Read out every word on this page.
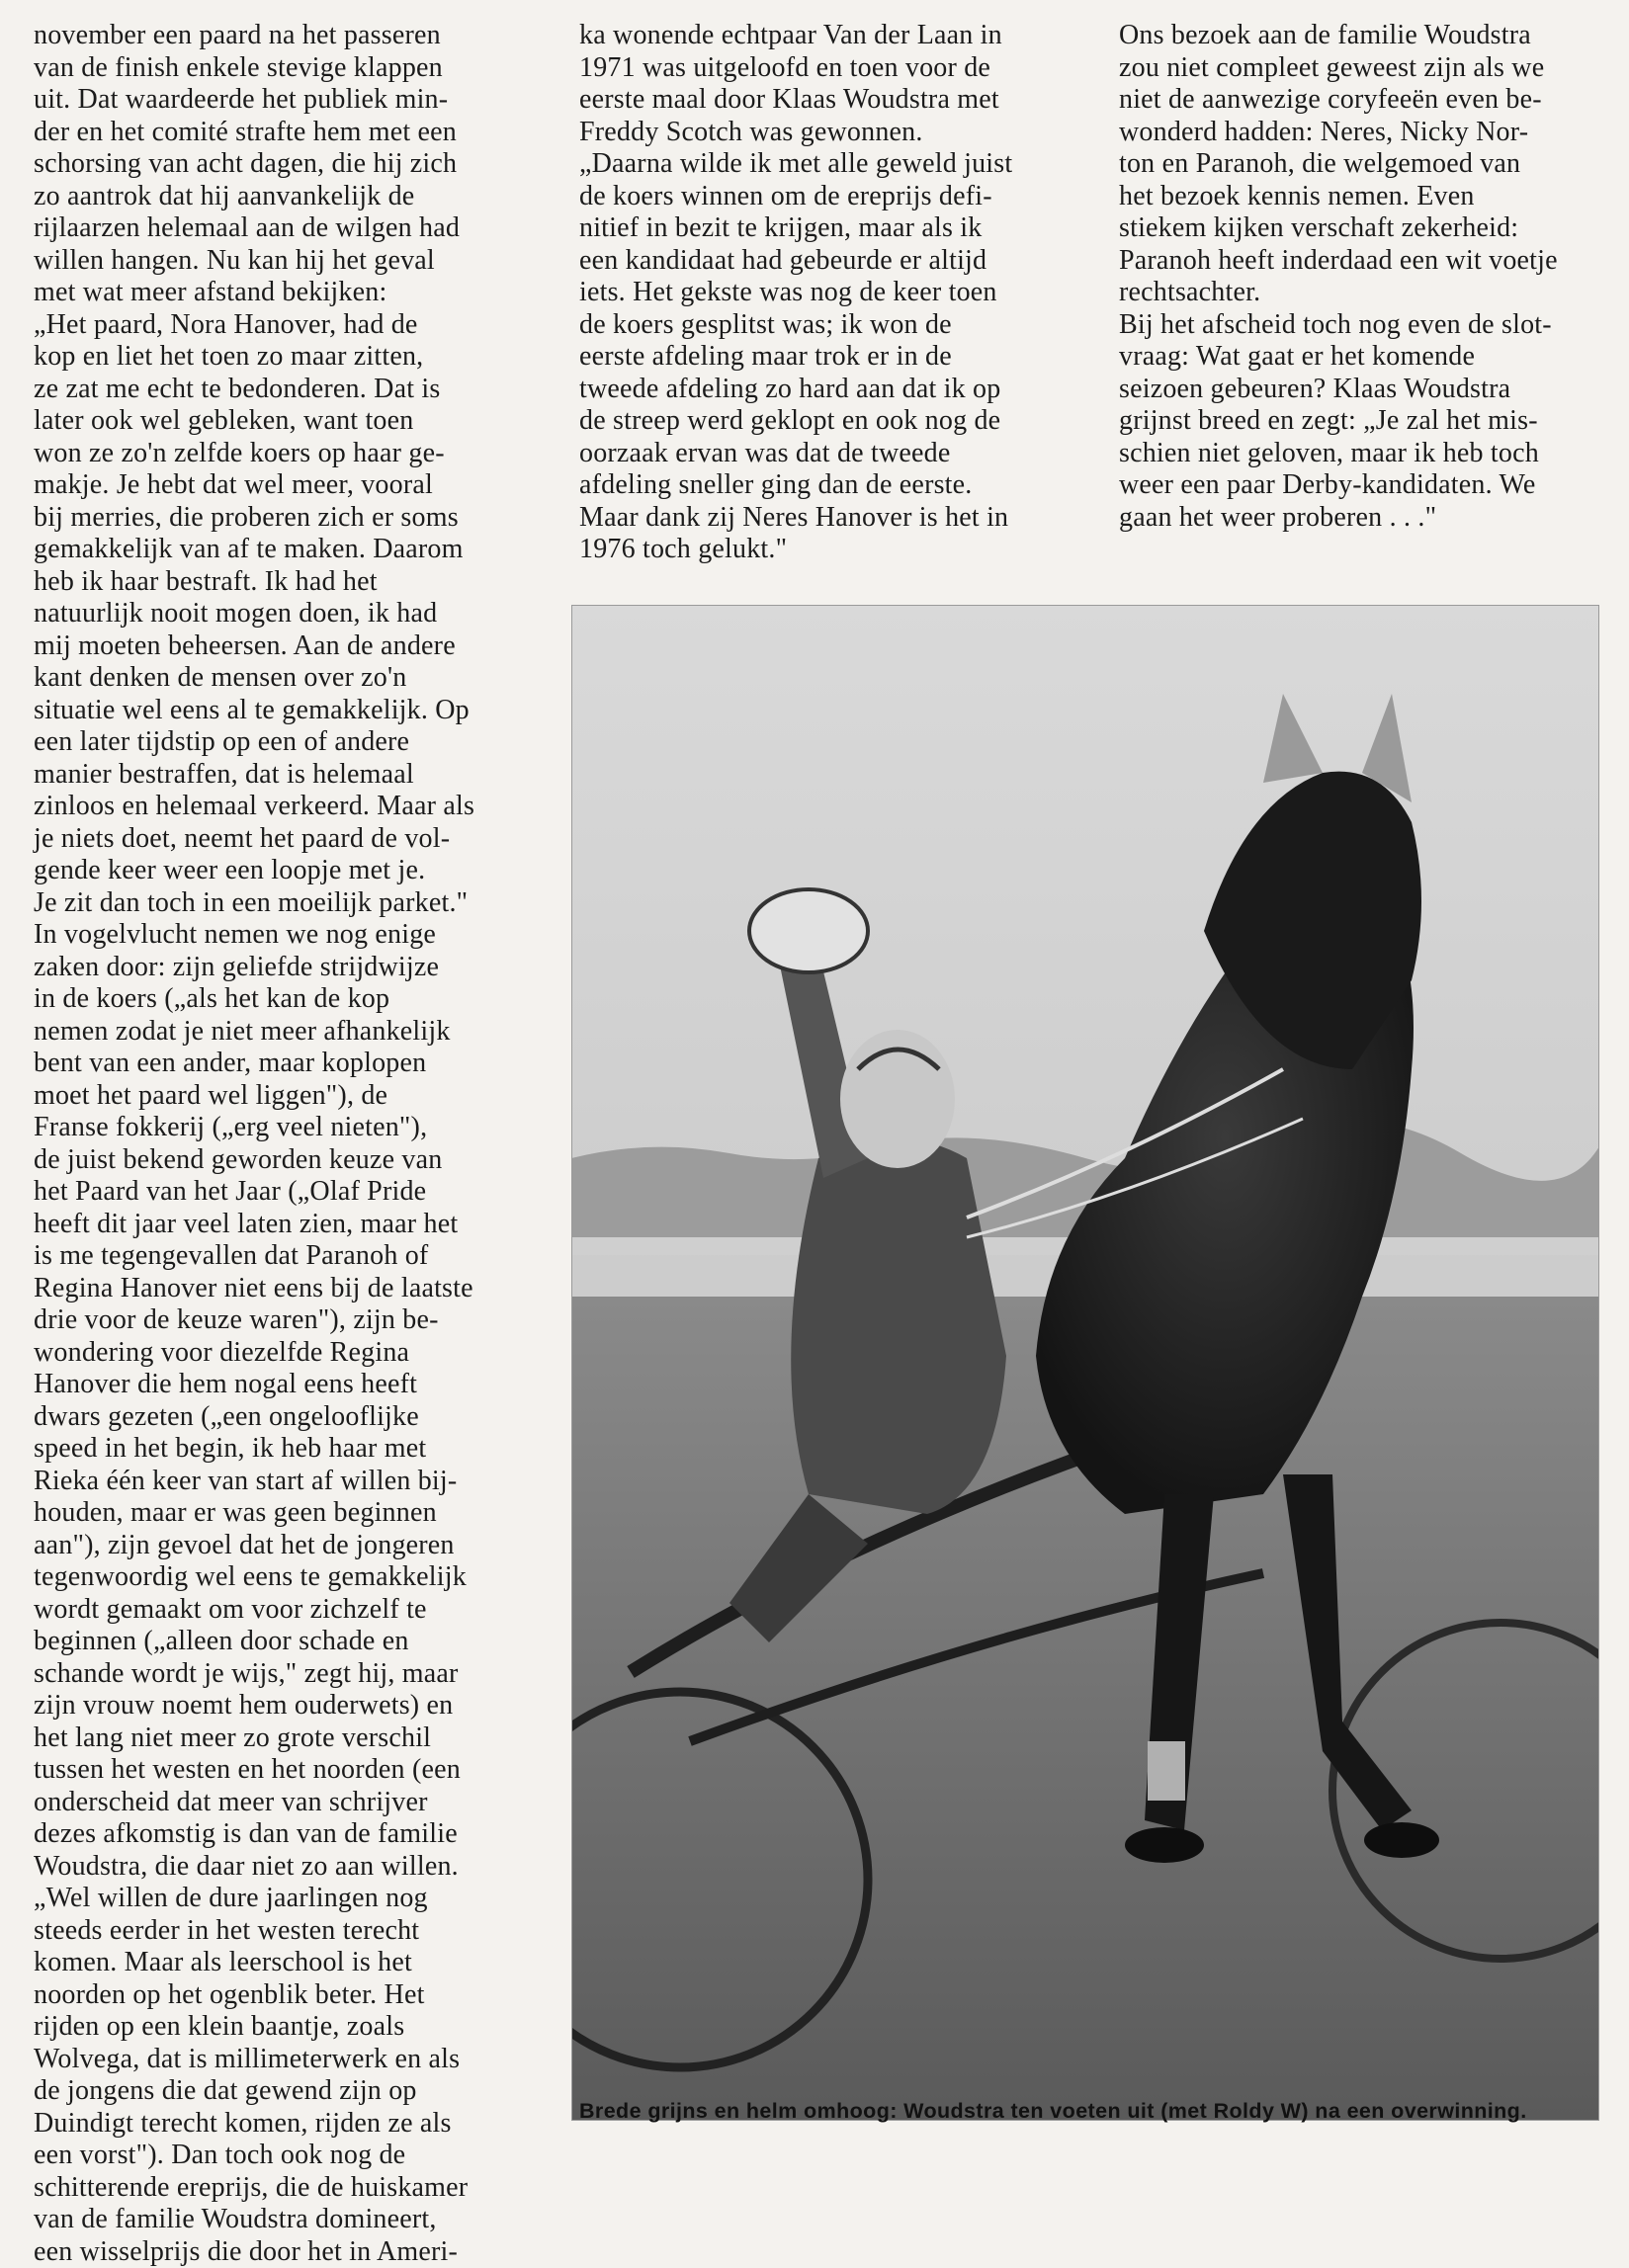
november een paard na het passeren
van de finish enkele stevige klappen
uit. Dat waardeerde het publiek min-
der en het comité strafte hem met een
schorsing van acht dagen, die hij zich
zo aantrok dat hij aanvankelijk de
rijlaarzen helemaal aan de wilgen had
willen hangen. Nu kan hij het geval
met wat meer afstand bekijken:
„Het paard, Nora Hanover, had de
kop en liet het toen zo maar zitten,
ze zat me echt te bedonderen. Dat is
later ook wel gebleken, want toen
won ze zo'n zelfde koers op haar ge-
makje. Je hebt dat wel meer, vooral
bij merries, die proberen zich er soms
gemakkelijk van af te maken. Daarom
heb ik haar bestraft. Ik had het
natuurlijk nooit mogen doen, ik had
mij moeten beheersen. Aan de andere
kant denken de mensen over zo'n
situatie wel eens al te gemakkelijk. Op
een later tijdstip op een of andere
manier bestraffen, dat is helemaal
zinloos en helemaal verkeerd. Maar als
je niets doet, neemt het paard de vol-
gende keer weer een loopje met je.
Je zit dan toch in een moeilijk parket."
In vogelvlucht nemen we nog enige
zaken door: zijn geliefde strijdwijze
in de koers („als het kan de kop
nemen zodat je niet meer afhankelijk
bent van een ander, maar koplopen
moet het paard wel liggen"), de
Franse fokkerij („erg veel nieten"),
de juist bekend geworden keuze van
het Paard van het Jaar („Olaf Pride
heeft dit jaar veel laten zien, maar het
is me tegengevallen dat Paranoh of
Regina Hanover niet eens bij de laatste
drie voor de keuze waren"), zijn be-
wondering voor diezelfde Regina
Hanover die hem nogal eens heeft
dwars gezeten („een ongelooflijke
speed in het begin, ik heb haar met
Rieka één keer van start af willen bij-
houden, maar er was geen beginnen
aan"), zijn gevoel dat het de jongeren
tegenwoordig wel eens te gemakkelijk
wordt gemaakt om voor zichzelf te
beginnen („alleen door schade en
schande wordt je wijs," zegt hij, maar
zijn vrouw noemt hem ouderwets) en
het lang niet meer zo grote verschil
tussen het westen en het noorden (een
onderscheid dat meer van schrijver
dezes afkomstig is dan van de familie
Woudstra, die daar niet zo aan willen.
„Wel willen de dure jaarlingen nog
steeds eerder in het westen terecht
komen. Maar als leerschool is het
noorden op het ogenblik beter. Het
rijden op een klein baantje, zoals
Wolvega, dat is millimeterwerk en als
de jongens die dat gewend zijn op
Duindigt terecht komen, rijden ze als
een vorst"). Dan toch ook nog de
schitterende ereprijs, die de huiskamer
van de familie Woudstra domineert,
een wisselprijs die door het in Ameri-
ka wonende echtpaar Van der Laan in
1971 was uitgeloofd en toen voor de
eerste maal door Klaas Woudstra met
Freddy Scotch was gewonnen.
„Daarna wilde ik met alle geweld juist
de koers winnen om de ereprijs defi-
nitief in bezit te krijgen, maar als ik
een kandidaat had gebeurde er altijd
iets. Het gekste was nog de keer toen
de koers gesplitst was; ik won de
eerste afdeling maar trok er in de
tweede afdeling zo hard aan dat ik op
de streep werd geklopt en ook nog de
oorzaak ervan was dat de tweede
afdeling sneller ging dan de eerste.
Maar dank zij Neres Hanover is het in
1976 toch gelukt."
Ons bezoek aan de familie Woudstra
zou niet compleet geweest zijn als we
niet de aanwezige coryfeeën even be-
wonderd hadden: Neres, Nicky Nor-
ton en Paranoh, die welgemoed van
het bezoek kennis nemen. Even
stiekem kijken verschaft zekerheid:
Paranoh heeft inderdaad een wit voetje
rechtsachter.
Bij het afscheid toch nog even de slot-
vraag: Wat gaat er het komende
seizoen gebeuren? Klaas Woudstra
grijnst breed en zegt: „Je zal het mis-
schien niet geloven, maar ik heb toch
weer een paar Derby-kandidaten. We
gaan het weer proberen . . ."
Brede grijns en helm omhoog: Woudstra ten voeten uit (met Roldy W) na een overwinning.
